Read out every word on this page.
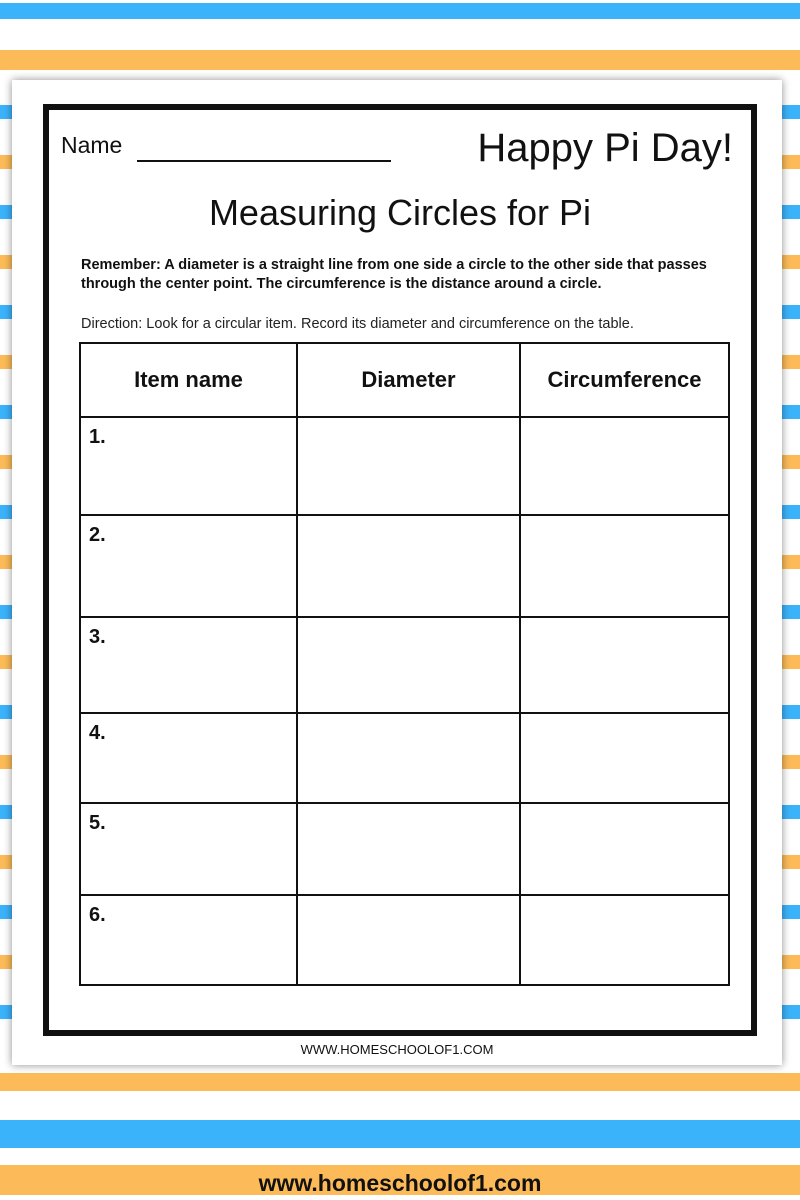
Name	Happy Pi Day!
Measuring Circles for Pi
Remember: A diameter is a straight line from one side a circle to the other side that passes through the center point. The circumference is the distance around a circle.
Direction: Look for a circular item. Record its diameter and circumference on the table.
Item name	Diameter	Circumference
1.		
2.		
3.		
4.		
5.		
6.		
WWW.HOMESCHOOLOF1.COM
www.homeschoolof1.com
